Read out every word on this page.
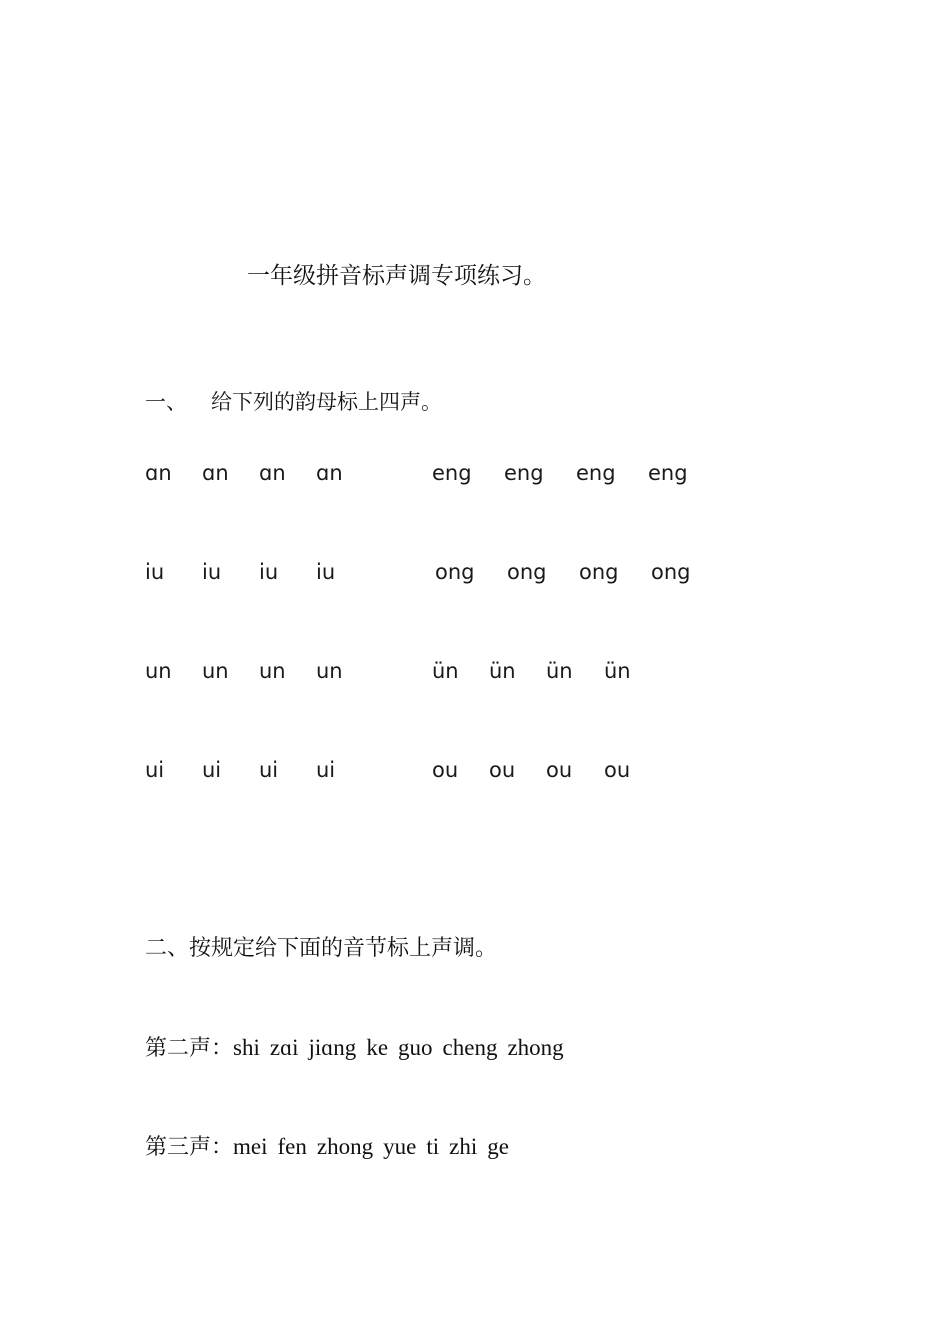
一年级拼音标声调专项练习。
一、 给下列的韵母标上四声。
ɑn ɑn ɑn ɑn	eng eng eng eng
iu iu iu iu	ong ong ong ong
un un un un	ün ün ün ün
ui ui ui ui	ou ou ou ou
二、按规定给下面的音节标上声调。
第二声：shi zɑi jiɑng ke guo cheng zhong
第三声：mei fen zhong yue ti zhi ge
